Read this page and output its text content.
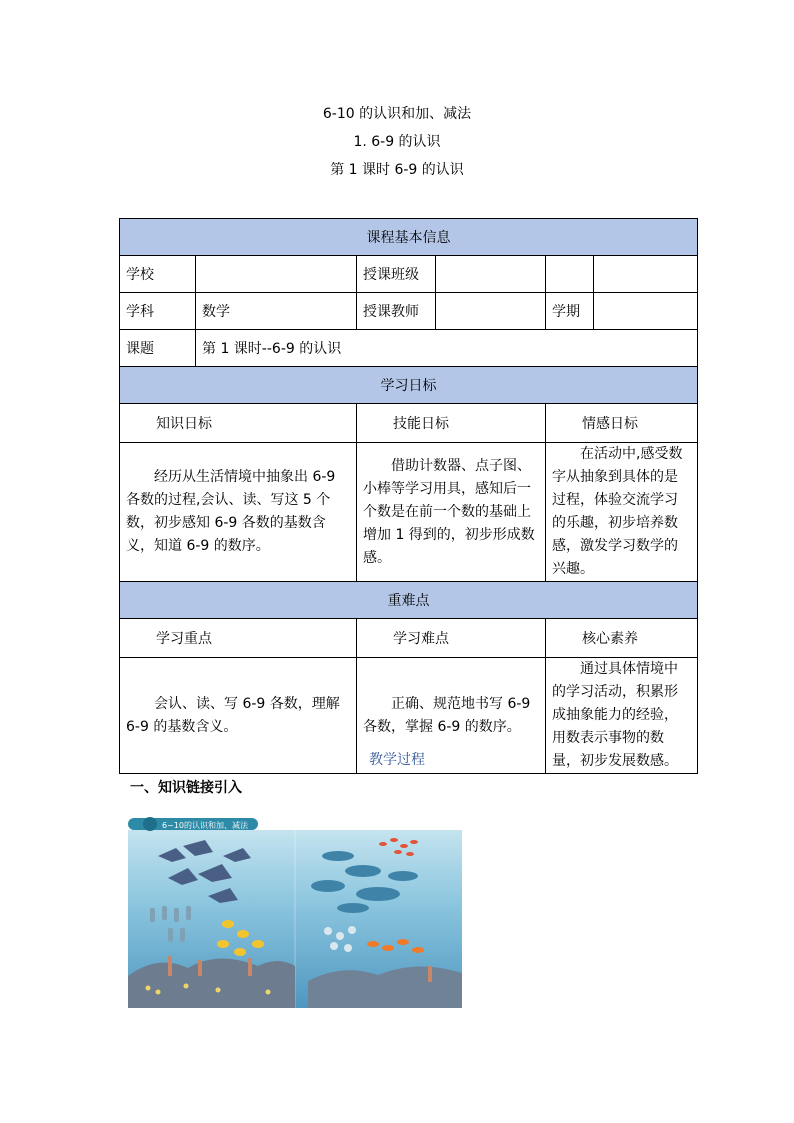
6-10 的认识和加、减法
1. 6-9 的认识
第 1 课时 6-9 的认识
课程基本信息					
学校		授课班级			
学科	数学	授课教师		学期	
课题	第 1 课时--6-9 的认识				
学习日标					
知识日标		技能日标		情感日标	
经历从生活情境中抽象出 6-9 各数的过程,会认、读、写这 5 个数，初步感知 6-9 各数的基数含义，知道 6-9 的数序。		借助计数器、点子图、小棒等学习用具，感知后一个数是在前一个数的基础上增加 1 得到的，初步形成数感。		在活动中,感受数字从抽象到具体的是过程，体验交流学习的乐趣，初步培养数感，激发学习数学的兴趣。	
重难点					
学习重点		学习难点		核心素养	
会认、读、写 6-9 各数，理解 6-9 的基数含义。		正确、规范地书写 6-9 各数，掌握 6-9 的数序。		通过具体情境中的学习活动，积累形成抽象能力的经验，用数表示事物的数量，初步发展数感。	
教学过程
一、知识链接引入
6~10的认识和加、减法
